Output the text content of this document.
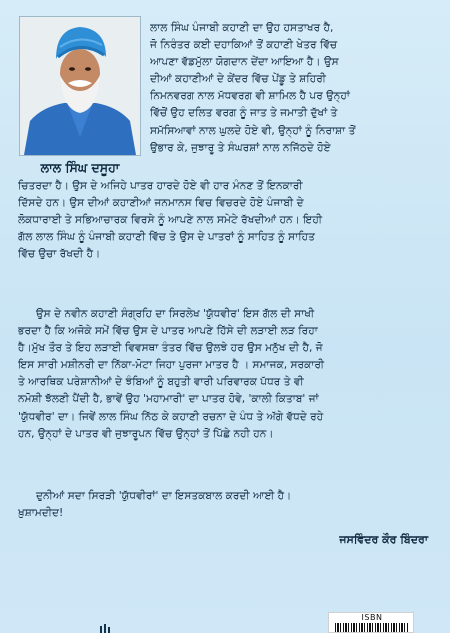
ਲਾਲ ਸਿੰਘ ਦਸੂਹਾ
ਲਾਲ ਸਿੰਘ ਪੰਜਾਬੀ ਕਹਾਣੀ ਦਾ ਉਹ ਹਸਤਾਖਰ ਹੈ,
ਜੋ ਨਿਰੰਤਰ ਕਈ ਦਹਾਕਿਆਂ ਤੋਂ ਕਹਾਣੀ ਖੇਤਰ ਵਿੱਚ
ਆਪਣਾ ਵੱਡਮੁੱਲਾ ਯੋਗਦਾਨ ਦੇਂਦਾ ਆਇਆ ਹੈ। ਉਸ
ਦੀਆਂ ਕਹਾਣੀਆਂ ਦੇ ਕੇਂਦਰ ਵਿੱਚ ਪੇਂਡੂ ਤੇ ਸ਼ਹਿਰੀ
ਨਿਮਨਵਰਗ ਨਾਲ ਮੱਧਵਰਗ ਵੀ ਸ਼ਾਮਿਲ ਹੈ ਪਰ ਉਨ੍ਹਾਂ
ਵਿੱਚੋਂ ਉਹ ਦਲਿਤ ਵਰਗ ਨੂੰ ਜਾਤ ਤੇ ਜਮਾਤੀ ਦੁੱਖਾਂ ਤੇ
ਸਮੱਸਿਆਵਾਂ ਨਾਲ ਘੁਲਦੇ ਹੋਏ ਵੀ, ਉਨ੍ਹਾਂ ਨੂੰ ਨਿਰਾਸ਼ਾ ਤੋਂ
ਉਭਾਰ ਕੇ, ਜੁਝਾਰੂ ਤੇ ਸੰਘਰਸ਼ਾਂ ਨਾਲ ਨਜਿੱਠਦੇ ਹੋਏ
ਚਿਤਰਦਾ ਹੈ। ਉਸ ਦੇ ਅਜਿਹੇ ਪਾਤਰ ਹਾਰਦੇ ਹੋਏ ਵੀ ਹਾਰ ਮੰਨਣ ਤੋਂ ਇਨਕਾਰੀ
ਦਿੱਸਦੇ ਹਨ। ਉਸ ਦੀਆਂ ਕਹਾਣੀਆਂ ਜਨਮਾਨਸ ਵਿਚ ਵਿਚਰਦੇ ਹੋਏ ਪੰਜਾਬੀ ਦੇ
ਲੋਕਧਾਰਾਈ ਤੇ ਸਭਿਆਚਾਰਕ ਵਿਰਸੇ ਨੂੰ ਆਪਣੇ ਨਾਲ ਸਮੇਟੇ ਰੱਖਦੀਆਂ ਹਨ। ਇਹੀ
ਗੱਲ ਲਾਲ ਸਿੰਘ ਨੂੰ ਪੰਜਾਬੀ ਕਹਾਣੀ ਵਿੱਚ ਤੇ ਉਸ ਦੇ ਪਾਤਰਾਂ ਨੂੰ ਸਾਹਿਤ ਨੂੰ ਸਾਹਿਤ
ਵਿੱਚ ਉਚਾ ਰੱਖਦੀ ਹੈ।
ਉਸ ਦੇ ਨਵੀਨ ਕਹਾਣੀ ਸੰਗ੍ਰਹਿ ਦਾ ਸਿਰਲੇਖ 'ਯੁੱਧਵੀਰ' ਇਸ ਗੱਲ ਦੀ ਸਾਖੀ
ਭਰਦਾ ਹੈ ਕਿ ਅਜੋਕੇ ਸਮੇਂ ਵਿੱਚ ਉਸ ਦੇ ਪਾਤਰ ਆਪਣੇ ਹਿੱਸੇ ਦੀ ਲੜਾਈ ਲੜ ਰਿਹਾ
ਹੈ।ਮੁੱਖ ਤੌਰ ਤੇ ਇਹ ਲੜਾਈ ਵਿਵਸਥਾ ਤੰਤਰ ਵਿੱਚ ਉਲਝੇ ਹਰ ਉਸ ਮਨੁੱਖ ਦੀ ਹੈ, ਜੋ
ਇਸ ਸਾਰੀ ਮਸ਼ੀਨਰੀ ਦਾ ਨਿੱਕਾ-ਮੋਟਾ ਜਿਹਾ ਪੁਰਜਾ ਮਾਤਰ ਹੈ । ਸਮਾਜਕ, ਸਰਕਾਰੀ
ਤੇ ਆਰਥਿਕ ਪਰੇਸ਼ਾਨੀਆਂ ਦੇ ਝੰਬਿਆਂ ਨੂੰ ਬਹੁਤੀ ਵਾਰੀ ਪਰਿਵਾਰਕ ਪੱਧਰ ਤੇ ਵੀ
ਨਮੋਸ਼ੀ ਝੱਲਣੀ ਪੈਂਦੀ ਹੈ, ਭਾਵੇਂ ਉਹ 'ਮਹਾਮਾਰੀ' ਦਾ ਪਾਤਰ ਹੋਵੇ, 'ਕਾਲੀ ਕਿਤਾਬ' ਜਾਂ
'ਯੁੱਧਵੀਰ' ਦਾ। ਜਿਵੇਂ ਲਾਲ ਸਿੰਘ ਨਿੱਠ ਕੇ ਕਹਾਣੀ ਰਚਨਾ ਦੇ ਪੰਧ ਤੇ ਅੱਗੇ ਵੱਧਦੇ ਰਹੇ
ਹਨ, ਉਨ੍ਹਾਂ ਦੇ ਪਾਤਰ ਵੀ ਜੁਝਾਰੂਪਨ ਵਿੱਚ ਉਨ੍ਹਾਂ ਤੋਂ ਪਿੱਛੇ ਨਹੀ ਹਨ।
ਦੁਨੀਆਂ ਸਦਾ ਸਿਰੜੀ 'ਯੁੱਧਵੀਰਾਂ' ਦਾ ਇਸਤਕਬਾਲ ਕਰਦੀ ਆਈ ਹੈ।
ਖ਼ੁਸ਼ਾਮਦੀਦ!
ਜਸਵਿੰਦਰ ਕੌਰ ਬਿੰਦਰਾ
ISBN
